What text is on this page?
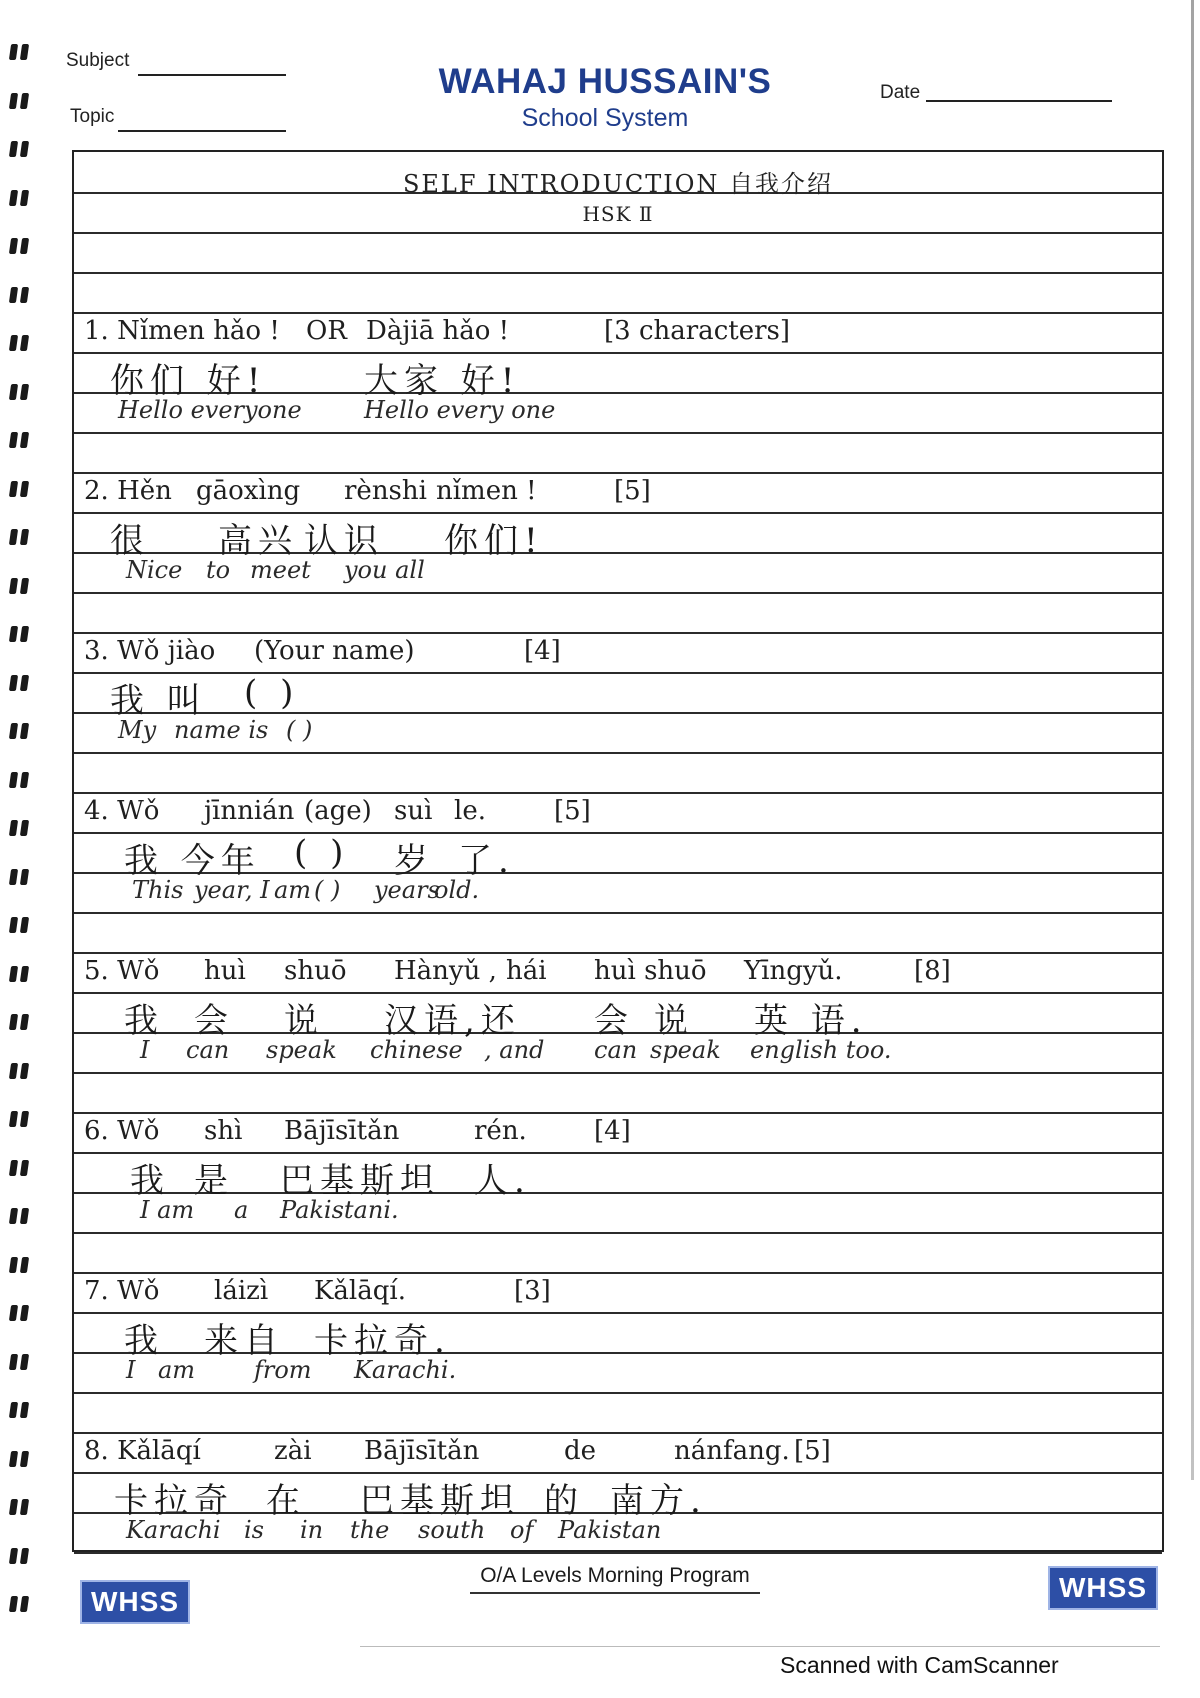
Subject
Topic
WAHAJ HUSSAIN'S
School System
Date
SELF INTRODUCTION 自我介绍
HSK Ⅱ
1. Nǐmen hǎo ! OR Dàjiā hǎo !	[3 characters]
你们 好!	大家 好!
Hello everyone	Hello every one
2. Hěn gāoxìng rènshi nǐmen !	[5]
很 高兴 认识 你们!
Nice to meet you all
3. Wǒ jiào (Your name)	[4]
我 叫 ( )
My name is ( )
4. Wǒ jīnnián (age) suì le.	[5]
我 今年 ( ) 岁 了.
This year, I am ( ) years
old.
5. Wǒ huì shuō Hànyǔ , hái huì shuō Yīngyǔ.	[8]
我 会 说 汉语,还 会 说 英 语.
I can speak chinese , and can speak english too.
6. Wǒ shì Bājīsītǎn	rén.	[4]
我 是 巴基斯坦 人.
I am a Pakistani.
7. Wǒ láizì Kǎlāqí.	[3]
我 来自 卡拉奇.
I am from Karachi.
8. Kǎlāqí	zài Bājīsītǎn	de	nánfang. [5]
卡拉奇 在 巴基斯坦 的 南方.
Karachi is in the south of Pakistan
WHSS
O/A Levels Morning Program	WHSS
Scanned with CamScanner
